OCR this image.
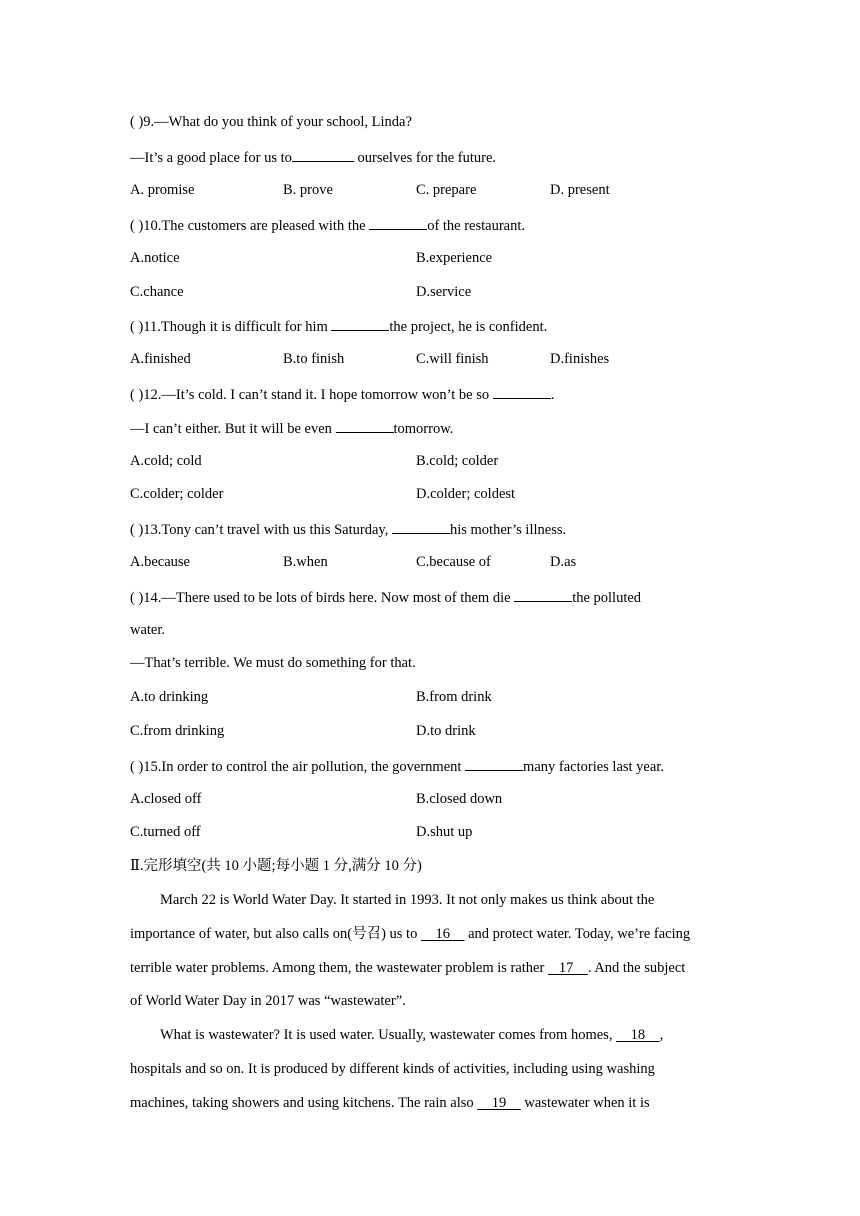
( )9.—What do you think of your school, Linda?
—It’s a good place for us to	ourselves for the future.
A. promise	B. prove	C. prepare	D. present
( )10.The customers are pleased with the	of the restaurant.
A.notice	B.experience
C.chance	D.service
( )11.Though it is difficult for him	the project, he is confident.
A.finished	B.to finish	C.will finish	D.finishes
( )12.—It’s cold. I can’t stand it. I hope tomorrow won’t be so	.
—I can’t either. But it will be even	tomorrow.
A.cold; cold	B.cold; colder
C.colder; colder	D.colder; coldest
( )13.Tony can’t travel with us this Saturday,	his mother’s illness.
A.because	B.when	C.because of	D.as
( )14.—There used to be lots of birds here. Now most of them die	the polluted
water.
—That’s terrible. We must do something for that.
A.to drinking	B.from drink
C.from drinking	D.to drink
( )15.In order to control the air pollution, the government	many factories last year.
A.closed off	B.closed down
C.turned off	D.shut up
Ⅱ.完形填空(共 10 小题;每小题 1 分,满分 10 分)
March 22 is World Water Day. It started in 1993. It not only makes us think about the
importance of water, but also calls on(号召) us to     16     and protect water. Today, we’re facing
terrible water problems. Among them, the wastewater problem is rather    17    . And the subject
of World Water Day in 2017 was “wastewater”.
What is wastewater? It is used water. Usually, wastewater comes from homes,     18    ,
hospitals and so on. It is produced by different kinds of activities, including using washing
machines, taking showers and using kitchens. The rain also     19     wastewater when it is
